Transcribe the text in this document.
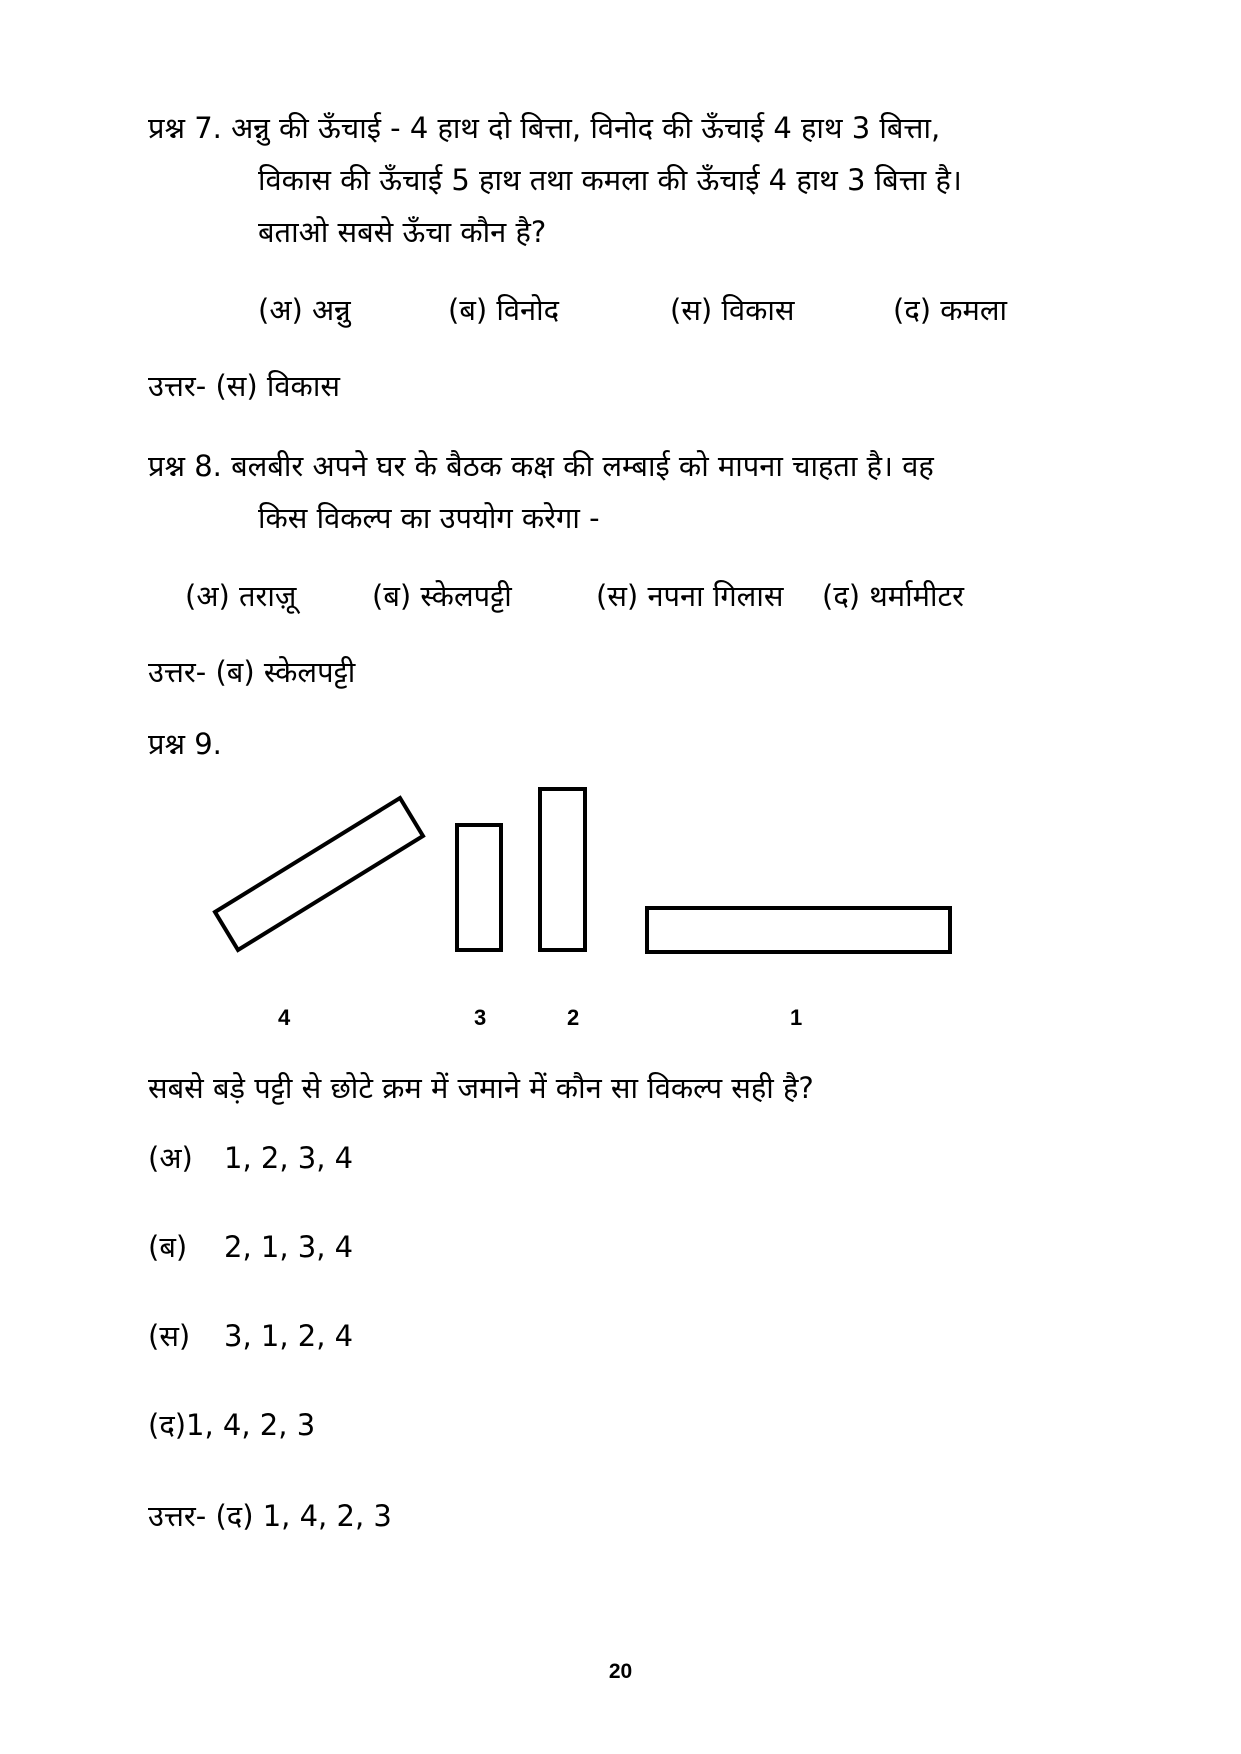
प्रश्न 7. अन्नु की ऊँचाई - 4 हाथ दो बित्ता, विनोद की ऊँचाई 4 हाथ 3 बित्ता,
विकास की ऊँचाई 5 हाथ तथा कमला की ऊँचाई 4 हाथ 3 बित्ता है।
बताओ सबसे ऊँचा कौन है?
(अ) अन्नु	(ब) विनोद	(स) विकास	(द) कमला
उत्तर- (स) विकास
प्रश्न 8. बलबीर अपने घर के बैठक कक्ष की लम्बाई को मापना चाहता है। वह
किस विकल्प का उपयोग करेगा -
(अ) तराज़ू	(ब) स्केलपट्टी	(स) नपना गिलास (द) थर्मामीटर
उत्तर- (ब) स्केलपट्टी
प्रश्न 9.
4	3	2	1
सबसे बड़े पट्टी से छोटे क्रम में जमाने में कौन सा विकल्प सही है?
(अ) 1, 2, 3, 4
(ब) 2, 1, 3, 4
(स) 3, 1, 2, 4
(द)1, 4, 2, 3
उत्तर- (द) 1, 4, 2, 3
20
